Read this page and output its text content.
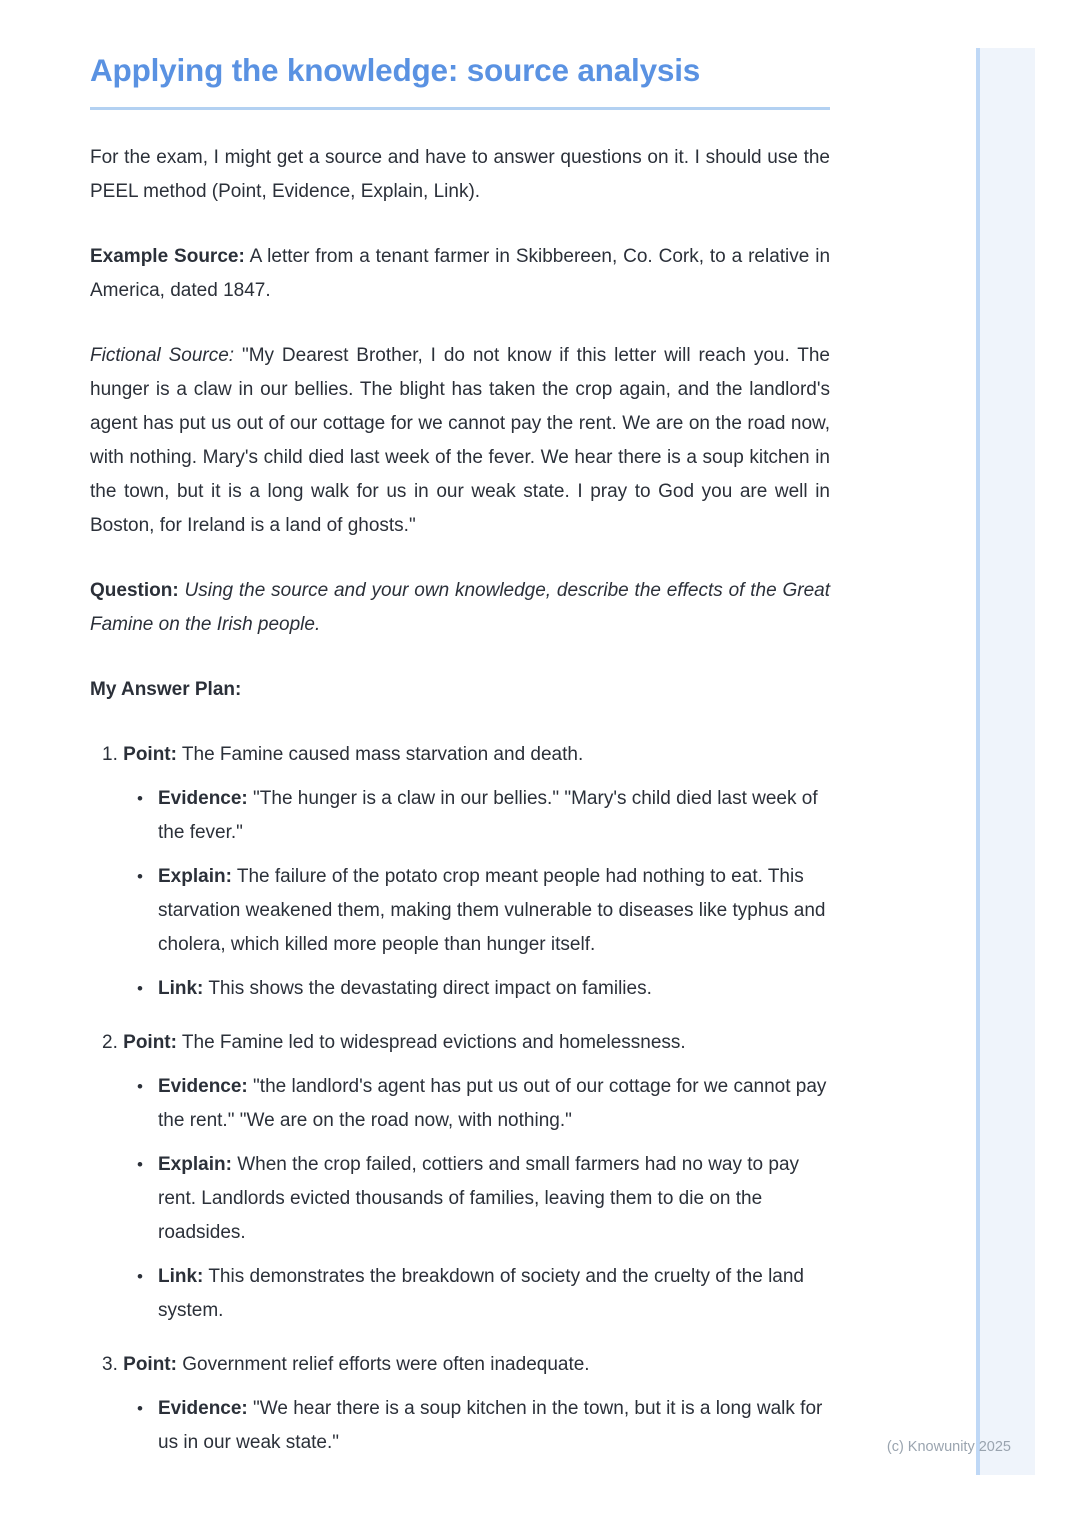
Applying the knowledge: source analysis

For the exam, I might get a source and have to answer questions on it. I should use the PEEL method (Point, Evidence, Explain, Link).

Example Source: A letter from a tenant farmer in Skibbereen, Co. Cork, to a relative in America, dated 1847.

Fictional Source: "My Dearest Brother, I do not know if this letter will reach you. The hunger is a claw in our bellies. The blight has taken the crop again, and the landlord's agent has put us out of our cottage for we cannot pay the rent. We are on the road now, with nothing. Mary's child died last week of the fever. We hear there is a soup kitchen in the town, but it is a long walk for us in our weak state. I pray to God you are well in Boston, for Ireland is a land of ghosts."

Question: Using the source and your own knowledge, describe the effects of the Great Famine on the Irish people.

My Answer Plan:

1. Point: The Famine caused mass starvation and death.
• Evidence: "The hunger is a claw in our bellies." "Mary's child died last week of the fever."
• Explain: The failure of the potato crop meant people had nothing to eat. This starvation weakened them, making them vulnerable to diseases like typhus and cholera, which killed more people than hunger itself.
• Link: This shows the devastating direct impact on families.
2. Point: The Famine led to widespread evictions and homelessness.
• Evidence: "the landlord's agent has put us out of our cottage for we cannot pay the rent." "We are on the road now, with nothing."
• Explain: When the crop failed, cottiers and small farmers had no way to pay rent. Landlords evicted thousands of families, leaving them to die on the roadsides.
• Link: This demonstrates the breakdown of society and the cruelty of the land system.
3. Point: Government relief efforts were often inadequate.
• Evidence: "We hear there is a soup kitchen in the town, but it is a long walk for us in our weak state."	(c) Knowunity 2025
